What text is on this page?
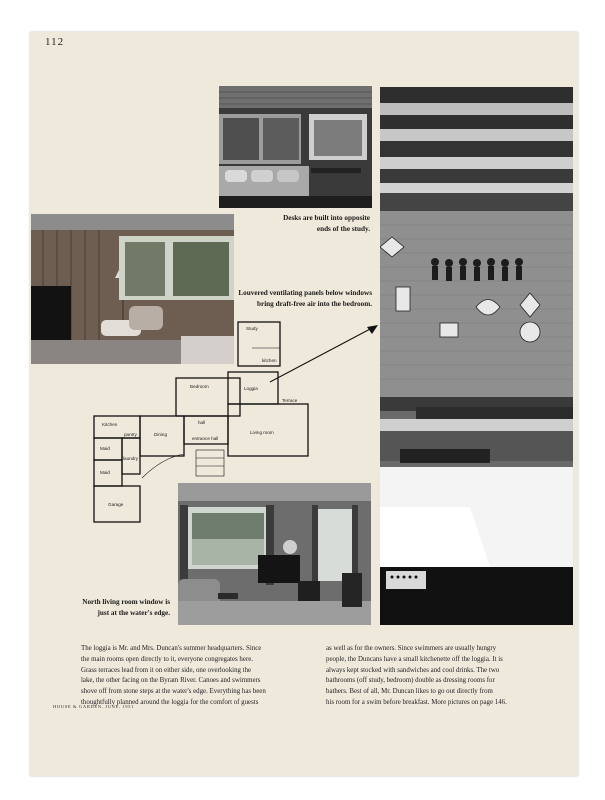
112
Desks are built into opposite
ends of the study.
Louvered ventilating panels below windows
bring draft-free air into the bedroom.
Study
kitchen
Bedroom	Loggia
Terrace
Kitchen
pantry	Dining
hall
entrance hall
Living room
Maid
laundry
Maid
Garage
North living room window is
just at the water's edge.
The loggia is Mr. and Mrs. Duncan's summer headquarters. Since
the main rooms open directly to it, everyone congregates here.
Grass terraces lead from it on either side, one overlooking the
lake, the other facing on the Byram River. Canoes and swimmers
shove off from stone steps at the water's edge. Everything has been
thoughtfully planned around the loggia for the comfort of guests
as well as for the owners. Since swimmers are usually hungry
people, the Duncans have a small kitchenette off the loggia. It is
always kept stocked with sandwiches and cool drinks. The two
bathrooms (off study, bedroom) double as dressing rooms for
bathers. Best of all, Mr. Duncan likes to go out directly from
his room for a swim before breakfast. More pictures on page 146.
HOUSE & GARDEN, JUNE, 1951
